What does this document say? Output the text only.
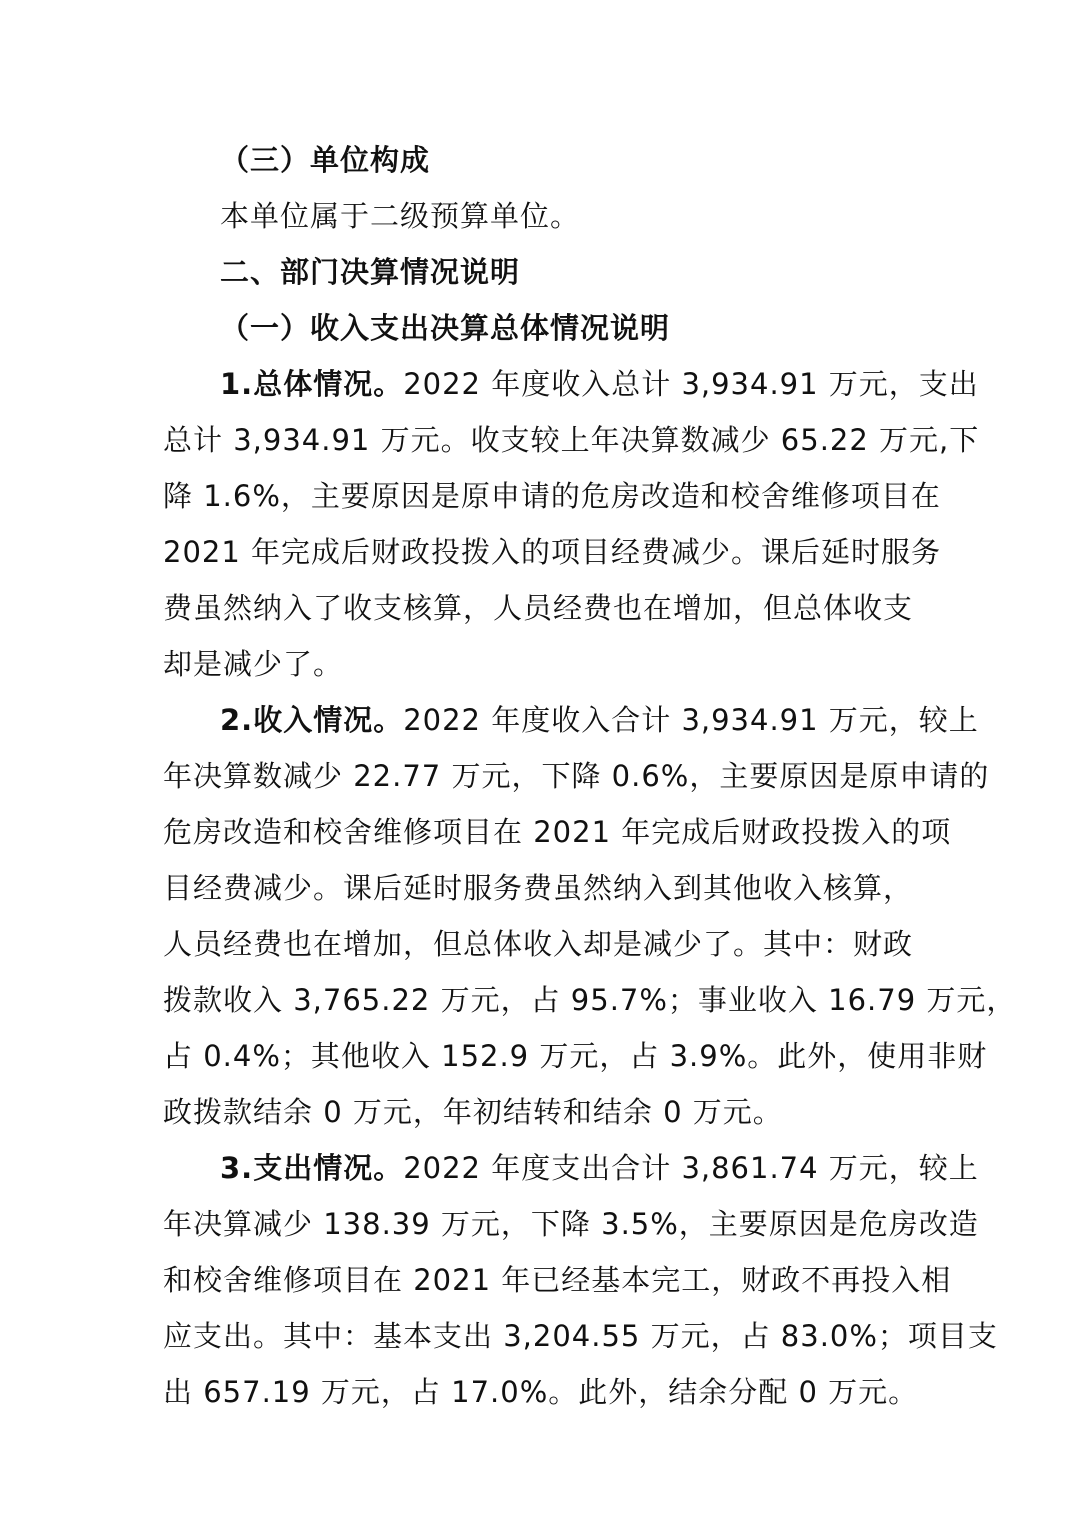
（三）单位构成
本单位属于二级预算单位。
二、部门决算情况说明
（一）收入支出决算总体情况说明
1.总体情况。2022 年度收入总计 3,934.91 万元，支出
总计 3,934.91 万元。收支较上年决算数减少 65.22 万元,下
降 1.6%，主要原因是原申请的危房改造和校舍维修项目在
2021 年完成后财政投拨入的项目经费减少。课后延时服务
费虽然纳入了收支核算，人员经费也在增加，但总体收支
却是减少了。
2.收入情况。2022 年度收入合计 3,934.91 万元，较上
年决算数减少 22.77 万元，下降 0.6%，主要原因是原申请的
危房改造和校舍维修项目在 2021 年完成后财政投拨入的项
目经费减少。课后延时服务费虽然纳入到其他收入核算，
人员经费也在增加，但总体收入却是减少了。其中：财政
拨款收入 3,765.22 万元，占 95.7%；事业收入 16.79 万元，
占 0.4%；其他收入 152.9 万元，占 3.9%。此外，使用非财
政拨款结余 0 万元，年初结转和结余 0 万元。
3.支出情况。2022 年度支出合计 3,861.74 万元，较上
年决算减少 138.39 万元，下降 3.5%，主要原因是危房改造
和校舍维修项目在 2021 年已经基本完工，财政不再投入相
应支出。其中：基本支出 3,204.55 万元，占 83.0%；项目支
出 657.19 万元，占 17.0%。此外，结余分配 0 万元。
